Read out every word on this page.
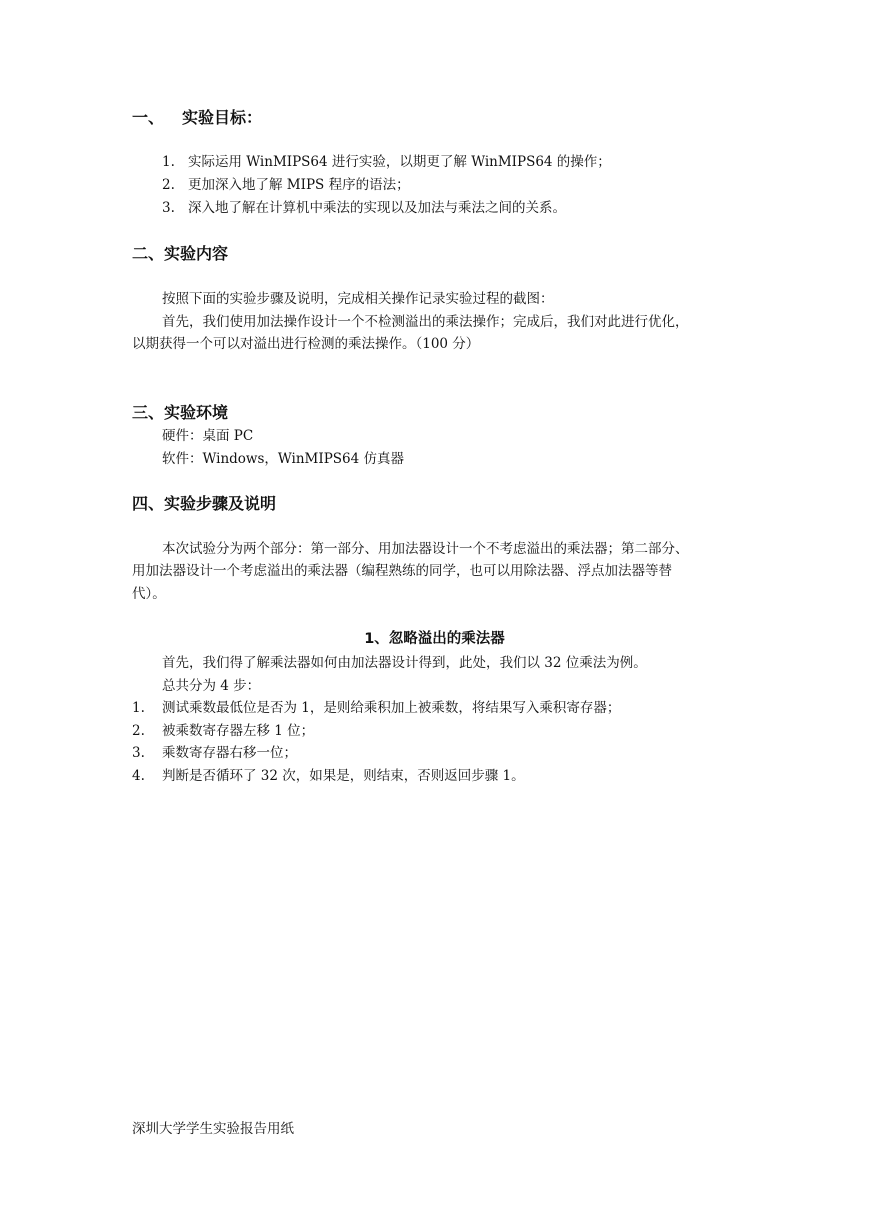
一、 实验目标：

1. 实际运用 WinMIPS64 进行实验，以期更了解 WinMIPS64 的操作；

2. 更加深入地了解 MIPS 程序的语法；

3. 深入地了解在计算机中乘法的实现以及加法与乘法之间的关系。

二、实验内容

按照下面的实验步骤及说明，完成相关操作记录实验过程的截图：

首先，我们使用加法操作设计一个不检测溢出的乘法操作；完成后，我们对此进行优化，

以期获得一个可以对溢出进行检测的乘法操作。（100 分）

三、实验环境

硬件：桌面 PC

软件：Windows，WinMIPS64 仿真器

四、实验步骤及说明

本次试验分为两个部分：第一部分、用加法器设计一个不考虑溢出的乘法器；第二部分、

用加法器设计一个考虑溢出的乘法器（编程熟练的同学，也可以用除法器、浮点加法器等替

代）。

1、忽略溢出的乘法器

首先，我们得了解乘法器如何由加法器设计得到，此处，我们以 32 位乘法为例。

总共分为 4 步：

1. 测试乘数最低位是否为 1，是则给乘积加上被乘数，将结果写入乘积寄存器；

2. 被乘数寄存器左移 1 位；

3. 乘数寄存器右移一位；

4. 判断是否循环了 32 次，如果是，则结束，否则返回步骤 1。

深圳大学学生实验报告用纸
